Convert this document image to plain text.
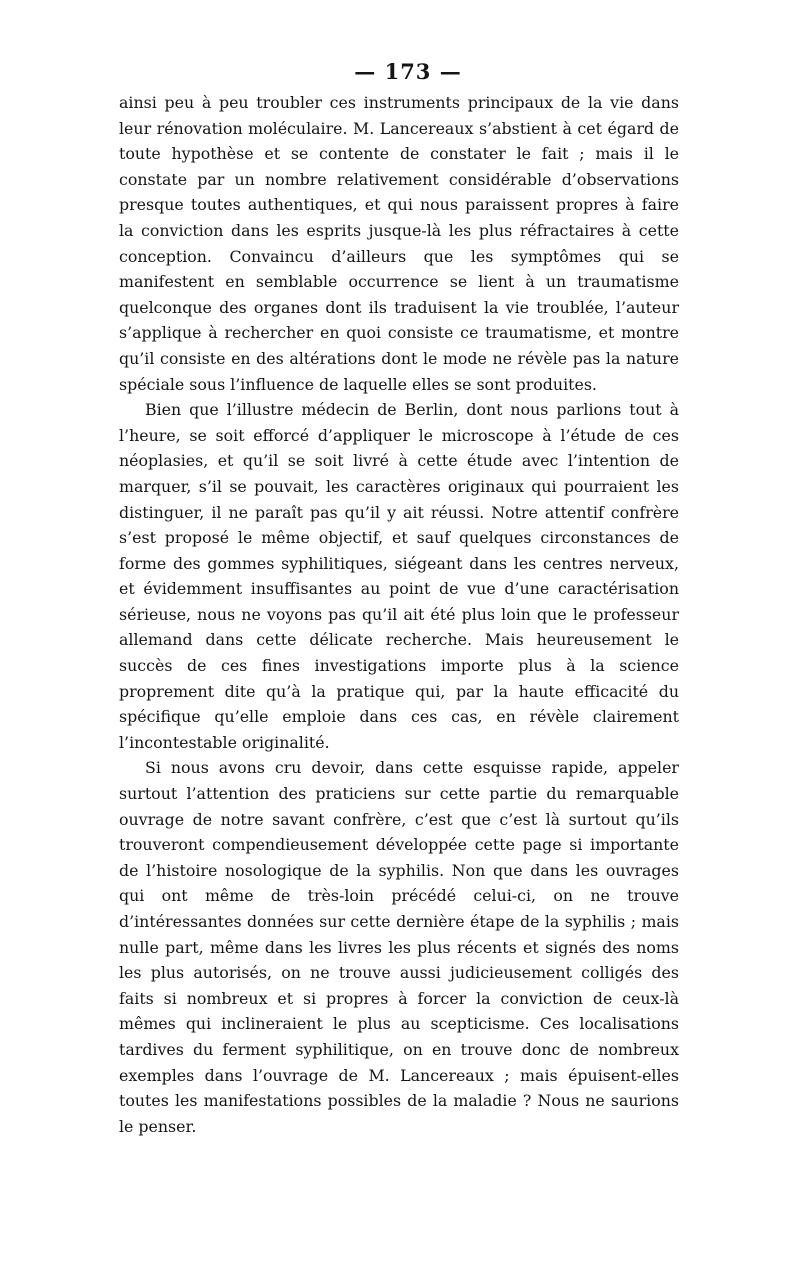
— 173 —

ainsi peu à peu troubler ces instruments principaux de la vie dans leur rénovation moléculaire. M. Lancereaux s’abstient à cet égard de toute hypothèse et se contente de constater le fait ; mais il le constate par un nombre relativement considérable d’observations presque toutes authentiques, et qui nous paraissent propres à faire la conviction dans les esprits jusque-là les plus réfractaires à cette conception. Convaincu d’ailleurs que les symptômes qui se manifestent en semblable occurrence se lient à un traumatisme quelconque des organes dont ils traduisent la vie troublée, l’auteur s’applique à rechercher en quoi consiste ce traumatisme, et montre qu’il consiste en des altérations dont le mode ne révèle pas la nature spéciale sous l’influence de laquelle elles se sont produites.

Bien que l’illustre médecin de Berlin, dont nous parlions tout à l’heure, se soit efforcé d’appliquer le microscope à l’étude de ces néoplasies, et qu’il se soit livré à cette étude avec l’intention de marquer, s’il se pouvait, les caractères originaux qui pourraient les distinguer, il ne paraît pas qu’il y ait réussi. Notre attentif confrère s’est proposé le même objectif, et sauf quelques circonstances de forme des gommes syphilitiques, siégeant dans les centres nerveux, et évidemment insuffisantes au point de vue d’une caractérisation sérieuse, nous ne voyons pas qu’il ait été plus loin que le professeur allemand dans cette délicate recherche. Mais heureusement le succès de ces fines investigations importe plus à la science proprement dite qu’à la pratique qui, par la haute efficacité du spécifique qu’elle emploie dans ces cas, en révèle clairement l’incontestable originalité.

Si nous avons cru devoir, dans cette esquisse rapide, appeler surtout l’attention des praticiens sur cette partie du remarquable ouvrage de notre savant confrère, c’est que c’est là surtout qu’ils trouveront compendieusement développée cette page si importante de l’histoire nosologique de la syphilis. Non que dans les ouvrages qui ont même de très-loin précédé celui-ci, on ne trouve d’intéressantes données sur cette dernière étape de la syphilis ; mais nulle part, même dans les livres les plus récents et signés des noms les plus autorisés, on ne trouve aussi judicieusement colligés des faits si nombreux et si propres à forcer la conviction de ceux-là mêmes qui inclineraient le plus au scepticisme. Ces localisations tardives du ferment syphilitique, on en trouve donc de nombreux exemples dans l’ouvrage de M. Lancereaux ; mais épuisent-elles toutes les manifestations possibles de la maladie ? Nous ne saurions le penser.
